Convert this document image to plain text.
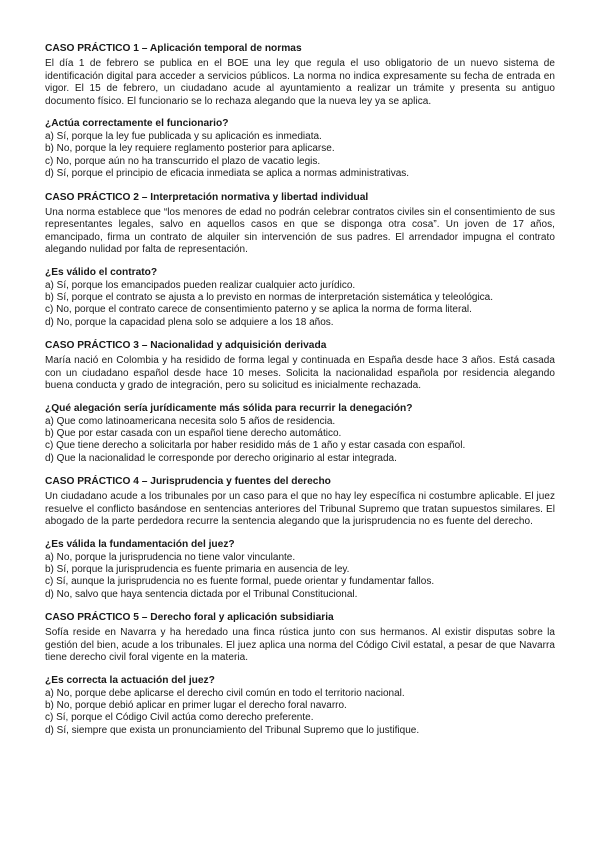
CASO PRÁCTICO 1 – Aplicación temporal de normas

El día 1 de febrero se publica en el BOE una ley que regula el uso obligatorio de un nuevo sistema de identificación digital para acceder a servicios públicos. La norma no indica expresamente su fecha de entrada en vigor. El 15 de febrero, un ciudadano acude al ayuntamiento a realizar un trámite y presenta su antiguo documento físico. El funcionario se lo rechaza alegando que la nueva ley ya se aplica.

¿Actúa correctamente el funcionario?

a) Sí, porque la ley fue publicada y su aplicación es inmediata.
b) No, porque la ley requiere reglamento posterior para aplicarse.
c) No, porque aún no ha transcurrido el plazo de vacatio legis.
d) Sí, porque el principio de eficacia inmediata se aplica a normas administrativas.

CASO PRÁCTICO 2 – Interpretación normativa y libertad individual

Una norma establece que “los menores de edad no podrán celebrar contratos civiles sin el consentimiento de sus representantes legales, salvo en aquellos casos en que se disponga otra cosa”. Un joven de 17 años, emancipado, firma un contrato de alquiler sin intervención de sus padres. El arrendador impugna el contrato alegando nulidad por falta de representación.

¿Es válido el contrato?

a) Sí, porque los emancipados pueden realizar cualquier acto jurídico.
b) Sí, porque el contrato se ajusta a lo previsto en normas de interpretación sistemática y teleológica.
c) No, porque el contrato carece de consentimiento paterno y se aplica la norma de forma literal.
d) No, porque la capacidad plena solo se adquiere a los 18 años.

CASO PRÁCTICO 3 – Nacionalidad y adquisición derivada

María nació en Colombia y ha residido de forma legal y continuada en España desde hace 3 años. Está casada con un ciudadano español desde hace 10 meses. Solicita la nacionalidad española por residencia alegando buena conducta y grado de integración, pero su solicitud es inicialmente rechazada.

¿Qué alegación sería jurídicamente más sólida para recurrir la denegación?

a) Que como latinoamericana necesita solo 5 años de residencia.
b) Que por estar casada con un español tiene derecho automático.
c) Que tiene derecho a solicitarla por haber residido más de 1 año y estar casada con español.
d) Que la nacionalidad le corresponde por derecho originario al estar integrada.

CASO PRÁCTICO 4 – Jurisprudencia y fuentes del derecho

Un ciudadano acude a los tribunales por un caso para el que no hay ley específica ni costumbre aplicable. El juez resuelve el conflicto basándose en sentencias anteriores del Tribunal Supremo que tratan supuestos similares. El abogado de la parte perdedora recurre la sentencia alegando que la jurisprudencia no es fuente del derecho.

¿Es válida la fundamentación del juez?

a) No, porque la jurisprudencia no tiene valor vinculante.
b) Sí, porque la jurisprudencia es fuente primaria en ausencia de ley.
c) Sí, aunque la jurisprudencia no es fuente formal, puede orientar y fundamentar fallos.
d) No, salvo que haya sentencia dictada por el Tribunal Constitucional.

CASO PRÁCTICO 5 – Derecho foral y aplicación subsidiaria

Sofía reside en Navarra y ha heredado una finca rústica junto con sus hermanos. Al existir disputas sobre la gestión del bien, acude a los tribunales. El juez aplica una norma del Código Civil estatal, a pesar de que Navarra tiene derecho civil foral vigente en la materia.

¿Es correcta la actuación del juez?

a) No, porque debe aplicarse el derecho civil común en todo el territorio nacional.
b) No, porque debió aplicar en primer lugar el derecho foral navarro.
c) Sí, porque el Código Civil actúa como derecho preferente.
d) Sí, siempre que exista un pronunciamiento del Tribunal Supremo que lo justifique.
